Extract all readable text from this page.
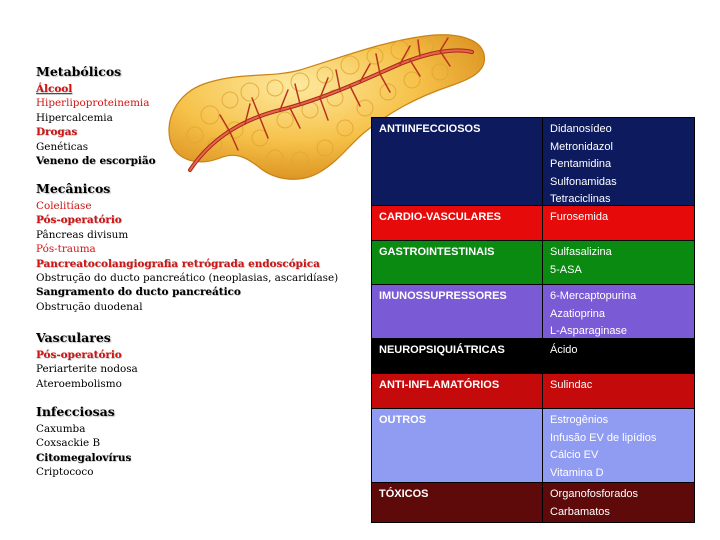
Metabólicos
Álcool
Hiperlipoproteinemia
Hipercalcemia
Drogas
Genéticas
Veneno de escorpião
Mecânicos
Colelitíase
Pós-operatório
Pâncreas divisum
Pós-trauma
Pancreatocolangiografia retrógrada endoscópica
Obstrução do ducto pancreático (neoplasias, ascaridíase)
Sangramento do ducto pancreático
Obstrução duodenal
Vasculares
Pós-operatório
Periarterite nodosa
Ateroembolismo
Infecciosas
Caxumba
Coxsackie B
Citomegalovírus
Criptococo
ANTIINFECCIOSOS	Didanosídeo
Metronidazol
Pentamidina
Sulfonamidas
Tetraciclinas
CARDIO-VASCULARES	Furosemida
GASTROINTESTINAIS	Sulfasalizina
5-ASA
IMUNOSSUPRESSORES	6-Mercaptopurina
Azatioprina
L-Asparaginase
NEUROPSIQUIÁTRICAS	Ácido
ANTI-INFLAMATÓRIOS	Sulindac
OUTROS	Estrogênios
Infusão EV de lipídios
Cálcio EV
Vitamina D
TÓXICOS	Organofosforados
Carbamatos
